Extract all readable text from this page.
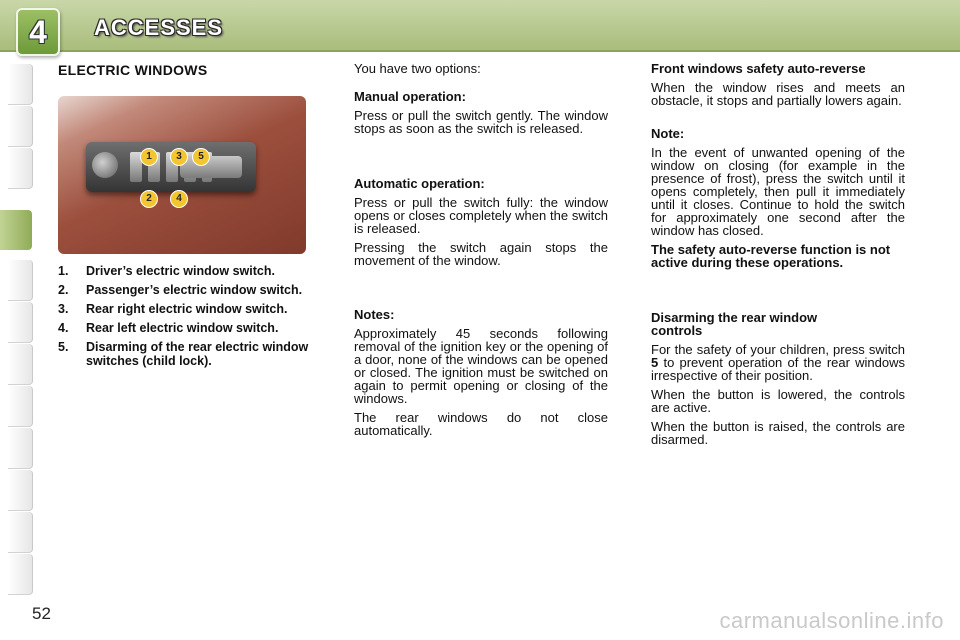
4	ACCESSES
ELECTRIC WINDOWS
1	3	5
2	4
1. Driver’s electric window switch.
2. Passenger’s electric window switch.
3. Rear right electric window switch.
4. Rear left electric window switch.
5. Disarming of the rear electric window switches (child lock).

You have two options:

Manual operation:

Press or pull the switch gently. The window stops as soon as the switch is released.

Automatic operation:

Press or pull the switch fully: the window opens or closes completely when the switch is released.

Pressing the switch again stops the movement of the window.

Notes:

Approximately 45 seconds following removal of the ignition key or the opening of a door, none of the windows can be opened or closed. The ignition must be switched on again to permit opening or closing of the windows.

The rear windows do not close automatically.

Front windows safety auto-reverse

When the window rises and meets an obstacle, it stops and partially lowers again.

Note:

In the event of unwanted opening of the window on closing (for example in the presence of frost), press the switch until it opens completely, then pull it immediately until it closes. Continue to hold the switch for approximately one second after the window has closed.

The safety auto-reverse function is not active during these operations.

Disarming the rear window controls

For the safety of your children, press switch 5 to prevent operation of the rear windows irrespective of their position.

When the button is lowered, the controls are active.

When the button is raised, the controls are disarmed.

52	carmanualsonline.info
